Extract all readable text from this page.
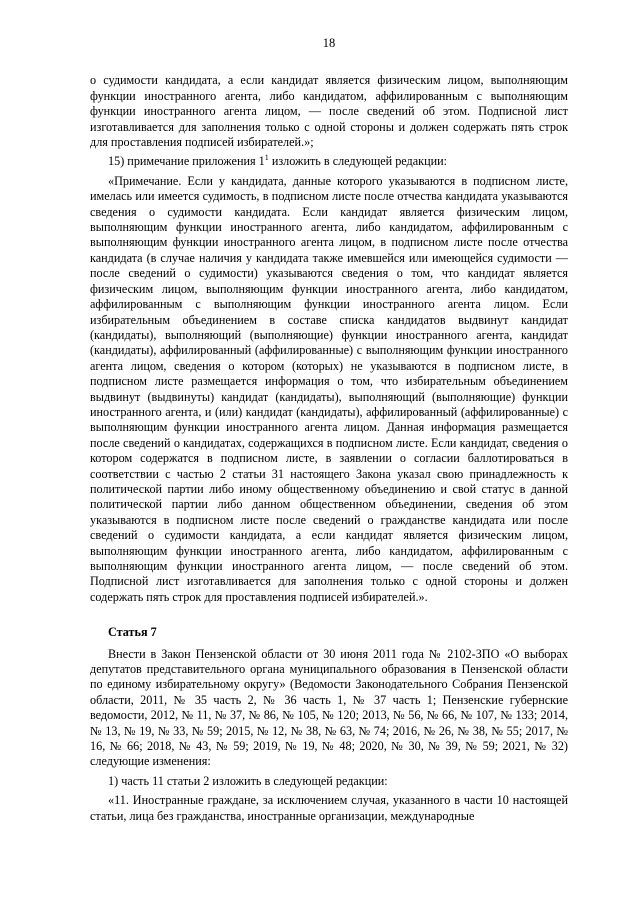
18

о судимости кандидата, а если кандидат является физическим лицом, выполняющим функции иностранного агента, либо кандидатом, аффилированным с выполняющим функции иностранного агента лицом, — после сведений об этом. Подписной лист изготавливается для заполнения только с одной стороны и должен содержать пять строк для проставления подписей избирателей.»;

15) примечание приложения $1^1$ изложить в следующей редакции:

«Примечание. Если у кандидата, данные которого указываются в подписном листе, имелась или имеется судимость, в подписном листе после отчества кандидата указываются сведения о судимости кандидата. Если кандидат является физическим лицом, выполняющим функции иностранного агента, либо кандидатом, аффилированным с выполняющим функции иностранного агента лицом, в подписном листе после отчества кандидата (в случае наличия у кандидата также имевшейся или имеющейся судимости — после сведений о судимости) указываются сведения о том, что кандидат является физическим лицом, выполняющим функции иностранного агента, либо кандидатом, аффилированным с выполняющим функции иностранного агента лицом. Если избирательным объединением в составе списка кандидатов выдвинут кандидат (кандидаты), выполняющий (выполняющие) функции иностранного агента, кандидат (кандидаты), аффилированный (аффилированные) с выполняющим функции иностранного агента лицом, сведения о котором (которых) не указываются в подписном листе, в подписном листе размещается информация о том, что избирательным объединением выдвинут (выдвинуты) кандидат (кандидаты), выполняющий (выполняющие) функции иностранного агента, и (или) кандидат (кандидаты), аффилированный (аффилированные) с выполняющим функции иностранного агента лицом. Данная информация размещается после сведений о кандидатах, содержащихся в подписном листе. Если кандидат, сведения о котором содержатся в подписном листе, в заявлении о согласии баллотироваться в соответствии с частью 2 статьи 31 настоящего Закона указал свою принадлежность к политической партии либо иному общественному объединению и свой статус в данной политической партии либо данном общественном объединении, сведения об этом указываются в подписном листе после сведений о гражданстве кандидата или после сведений о судимости кандидата, а если кандидат является физическим лицом, выполняющим функции иностранного агента, либо кандидатом, аффилированным с выполняющим функции иностранного агента лицом, — после сведений об этом. Подписной лист изготавливается для заполнения только с одной стороны и должен содержать пять строк для проставления подписей избирателей.».

Статья 7

Внести в Закон Пензенской области от 30 июня 2011 года № 2102-ЗПО «О выборах депутатов представительного органа муниципального образования в Пензенской области по единому избирательному округу» (Ведомости Законодательного Собрания Пензенской области, 2011, № 35 часть 2, № 36 часть 1, № 37 часть 1; Пензенские губернские ведомости, 2012, № 11, № 37, № 86, № 105, № 120; 2013, № 56, № 66, № 107, № 133; 2014, № 13, № 19, № 33, № 59; 2015, № 12, № 38, № 63, № 74; 2016, № 26, № 38, № 55; 2017, № 16, № 66; 2018, № 43, № 59; 2019, № 19, № 48; 2020, № 30, № 39, № 59; 2021, № 32) следующие изменения:

1) часть 11 статьи 2 изложить в следующей редакции:

«11. Иностранные граждане, за исключением случая, указанного в части 10 настоящей статьи, лица без гражданства, иностранные организации, международные
